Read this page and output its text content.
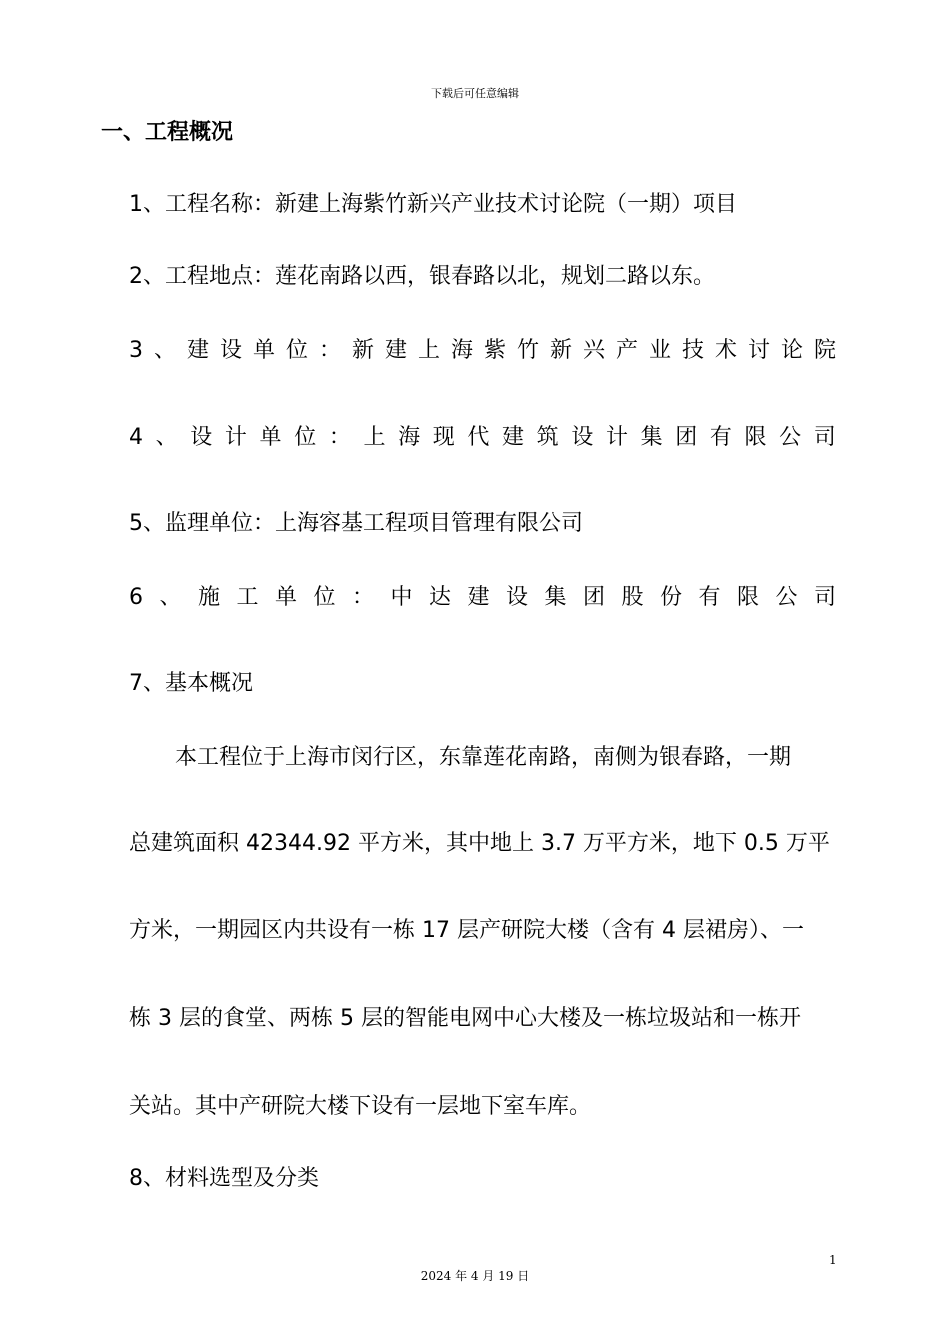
下载后可任意编辑
一、工程概况
1、工程名称：新建上海紫竹新兴产业技术讨论院（一期）项目
2、工程地点：莲花南路以西，银春路以北，规划二路以东。
3 、 建 设 单 位 ： 新 建 上 海 紫 竹 新 兴 产 业 技 术 讨 论 院
4 、 设 计 单 位 ： 上 海 现 代 建 筑 设 计 集 团 有 限 公 司
5、监理单位：上海容基工程项目管理有限公司
6 、 施 工 单 位 ： 中 达 建 设 集 团 股 份 有 限 公 司
7、基本概况
本工程位于上海市闵行区，东靠莲花南路，南侧为银春路，一期
总建筑面积 42344.92 平方米，其中地上 3.7 万平方米，地下 0.5 万平
方米，一期园区内共设有一栋 17 层产研院大楼（含有 4 层裙房）、一
栋 3 层的食堂、两栋 5 层的智能电网中心大楼及一栋垃圾站和一栋开
关站。其中产研院大楼下设有一层地下室车库。
8、材料选型及分类
1
2024 年 4 月 19 日
